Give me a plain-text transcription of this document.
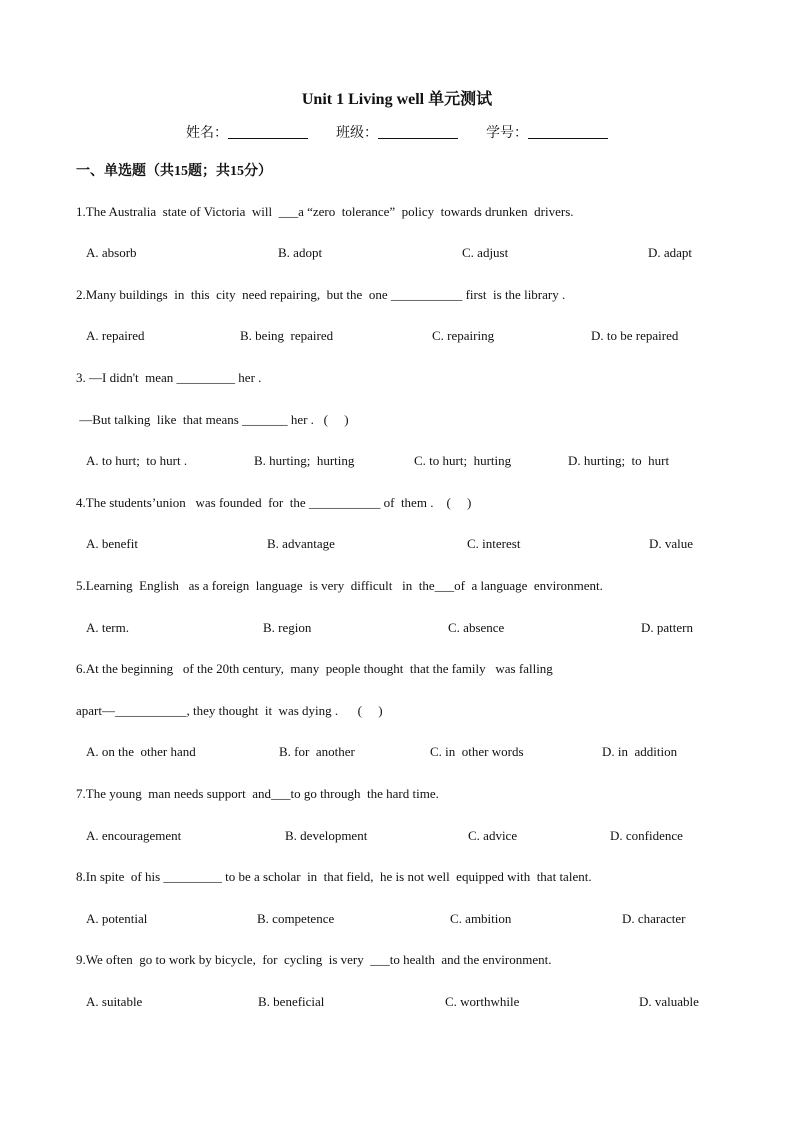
Unit 1 Living well 单元测试
姓名：	班级：	学号：
一、单选题（共15题；共15分）
1.The Australia  state of Victoria  will  ___a “zero  tolerance”  policy  towards drunken  drivers.
A. absorb	B. adopt	C. adjust	D. adapt
2.Many buildings  in  this  city  need repairing,  but the  one ___________ first  is the library .
A. repaired	B. being  repaired	C. repairing	D. to be repaired
3. —I didn't  mean _________ her .
—But talking  like  that means _______ her .   (     )
A. to hurt;  to hurt .	B. hurting;  hurting	C. to hurt;  hurting	D. hurting;  to  hurt
4.The students’union   was founded  for  the ___________ of  them .    (     )
A. benefit	B. advantage	C. interest	D. value
5.Learning  English   as a foreign  language  is very  difficult   in  the___of  a language  environment.
A. term.	B. region	C. absence	D. pattern
6.At the beginning   of the 20th century,  many  people thought  that the family   was falling
apart—___________, they thought  it  was dying .      (     )
A. on the  other hand	B. for  another	C. in  other words	D. in  addition
7.The young  man needs support  and___to go through  the hard time.
A. encouragement	B. development	C. advice	D. confidence
8.In spite  of his _________ to be a scholar  in  that field,  he is not well  equipped with  that talent.
A. potential	B. competence	C. ambition	D. character
9.We often  go to work by bicycle,  for  cycling  is very  ___to health  and the environment.
A. suitable	B. beneficial	C. worthwhile	D. valuable
